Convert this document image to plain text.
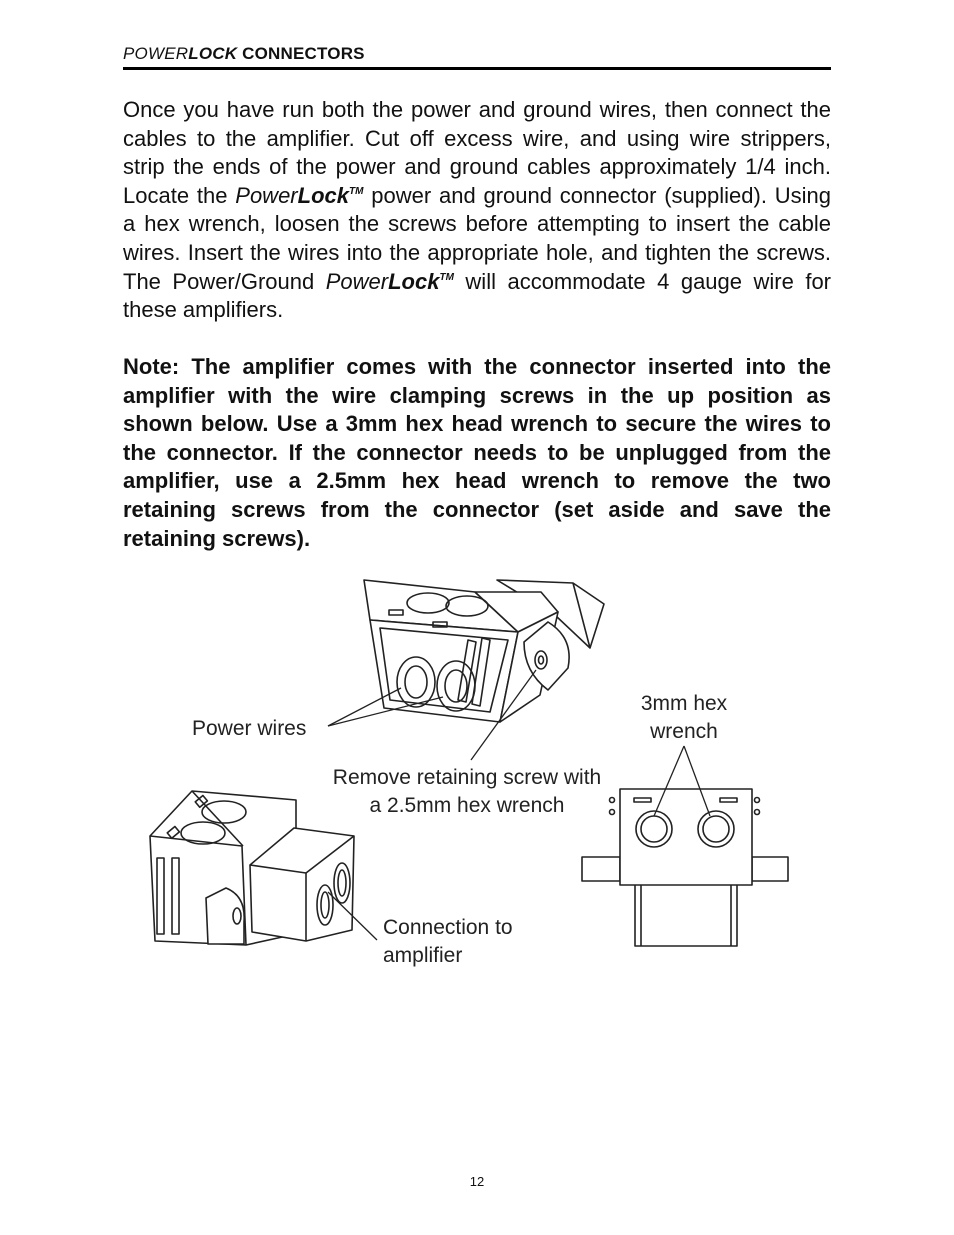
POWERLOCK CONNECTORS

Once you have run both the power and ground wires, then connect the cables to the amplifier. Cut off excess wire, and using wire strippers, strip the ends of the power and ground cables approximately 1/4 inch. Locate the PowerLock™ power and ground connector (supplied). Using a hex wrench, loosen the screws before attempting to insert the cable wires. Insert the wires into the appropriate hole, and tighten the screws. The Power/Ground PowerLock™ will accommodate 4 gauge wire for these amplifiers.

Note: The amplifier comes with the connector inserted into the amplifier with the wire clamping screws in the up position as shown below. Use a 3mm hex head wrench to secure the wires to the connector. If the connector needs to be unplugged from the amplifier, use a 2.5mm hex head wrench to remove the two retaining screws from the connector (set aside and save the retaining screws).

Power wires
Remove retaining screw with a 2.5mm hex wrench
3mm hex wrench
Connection to amplifier
12
